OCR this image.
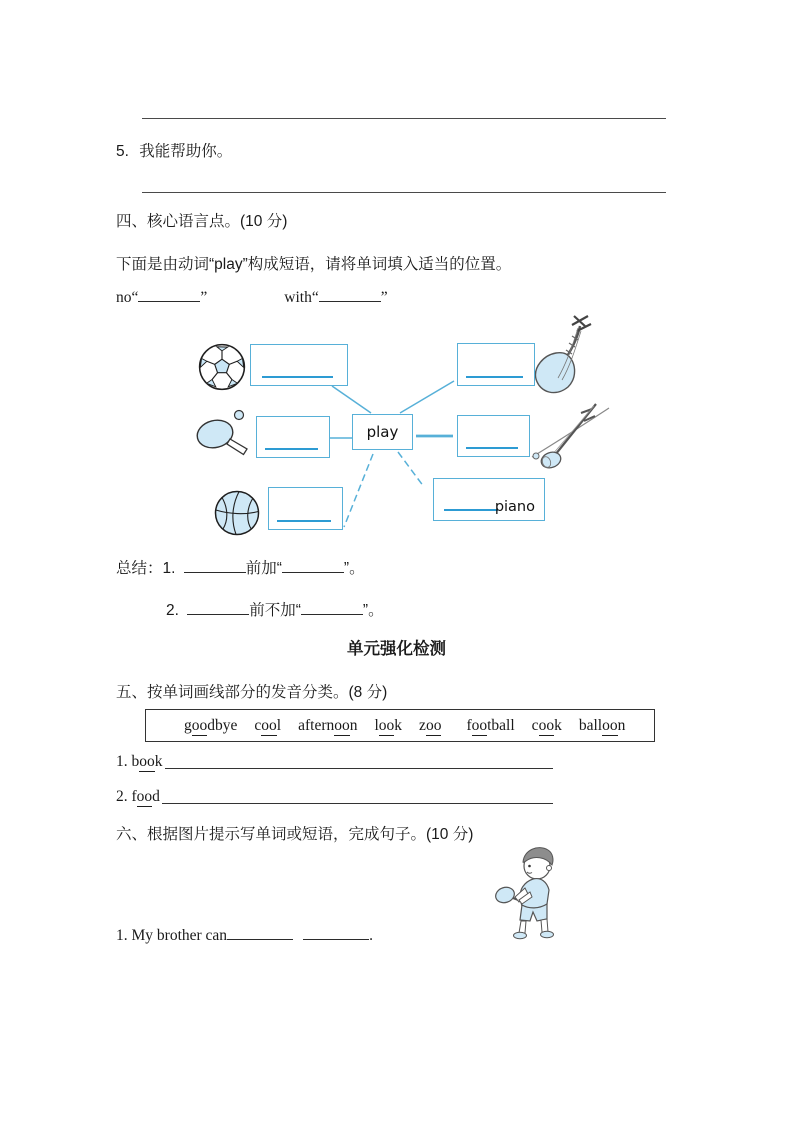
5. 我能帮助你。
四、核心语言点。(10 分)
下面是由动词“play”构成短语，请将单词填入适当的位置。
no“	”	with“	”
play
piano
总结：1.	前加“	”。
2.	前不加“	”。
单元强化检测
五、按单词画线部分的发音分类。(8 分)
goodbye cool afternoon look zoo football cook balloon
1. book
2. food
六、根据图片提示写单词或短语，完成句子。(10 分)
1. My brother can	.
